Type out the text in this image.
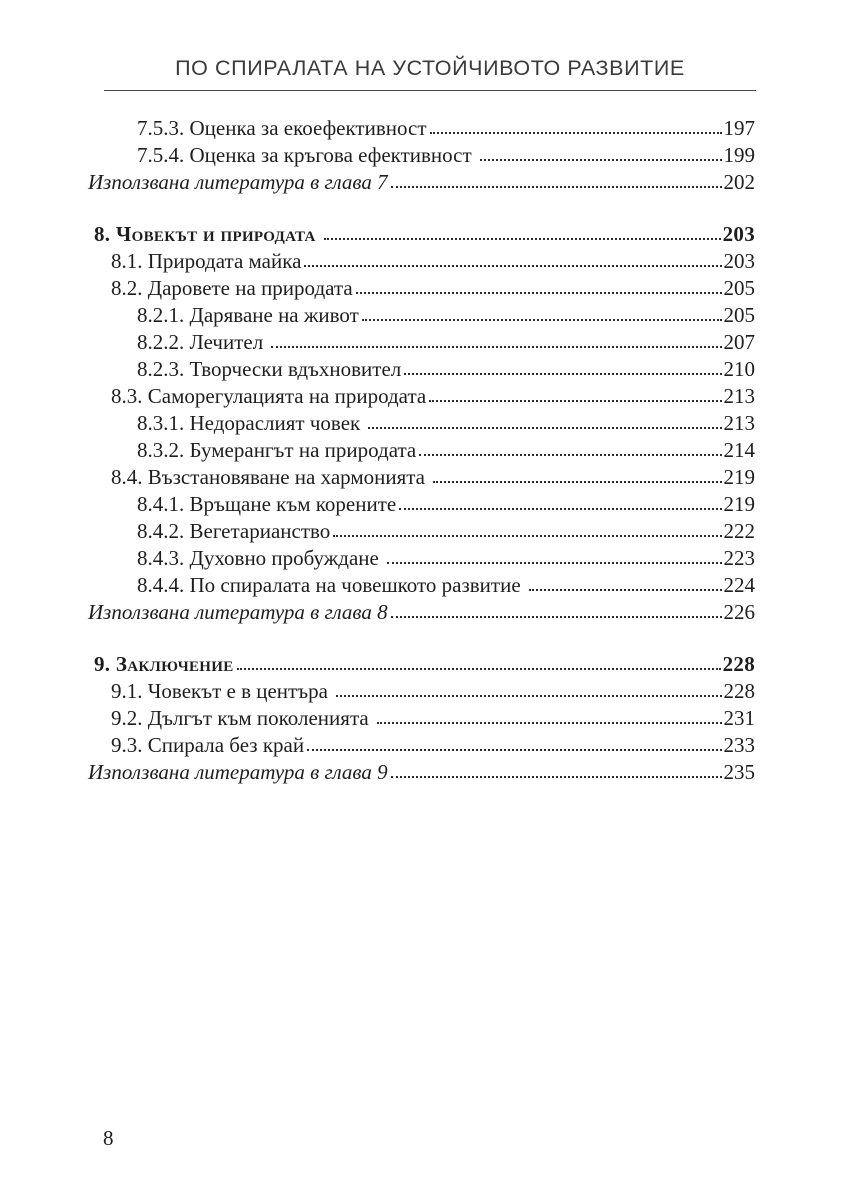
ПО СПИРАЛАТА НА УСТОЙЧИВОТО РАЗВИТИЕ
7.5.3. Оценка за екоефективност	197
7.5.4. Оценка за кръгова ефективност	199
Използвана литература в глава 7	202
8. Човекът и природата	203
8.1. Природата майка	203
8.2. Даровете на природата	205
8.2.1. Даряване на живот	205
8.2.2. Лечител	207
8.2.3. Творчески вдъхновител	210
8.3. Саморегулацията на природата	213
8.3.1. Недораслият човек	213
8.3.2. Бумерангът на природата	214
8.4. Възстановяване на хармонията	219
8.4.1. Връщане към корените	219
8.4.2. Вегетарианство	222
8.4.3. Духовно пробуждане	223
8.4.4. По спиралата на човешкото развитие	224
Използвана литература в глава 8	226
9. Заключение	228
9.1. Човекът е в центъра	228
9.2. Дългът към поколенията	231
9.3. Спирала без край	233
Използвана литература в глава 9	235
8
